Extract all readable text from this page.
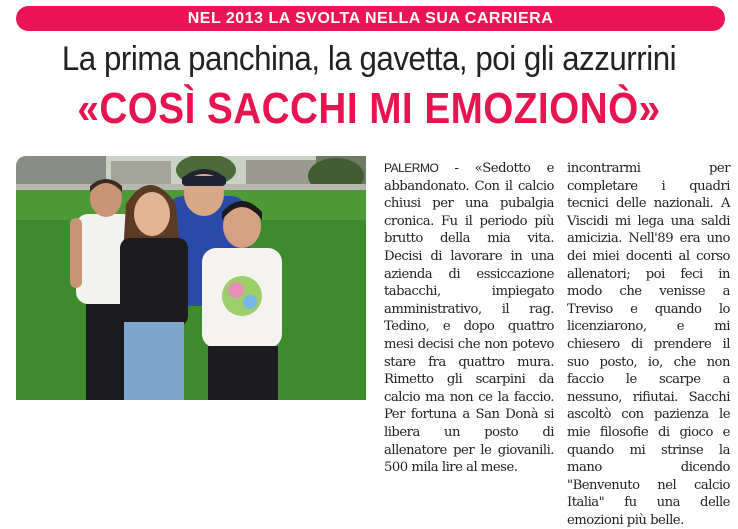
NEL 2013 LA SVOLTA NELLA SUA CARRIERA
La prima panchina, la gavetta, poi gli azzurrini
«COSÌ SACCHI MI EMOZIONÒ»

PALERMO - «Sedotto e abbandonato. Con il calcio chiusi per una pubalgia cronica. Fu il periodo più brutto della mia vita. Decisi di lavorare in una azienda di essiccazione tabacchi, impiegato amministrativo, il rag. Tedino, e dopo quattro mesi decisi che non potevo stare fra quattro mura. Rimetto gli scarpini da calcio ma non ce la faccio. Per fortuna a San Donà si libera un posto di allenatore per le giovanili. 500 mila lire al mese.

incontrarmi per completare i quadri tecnici delle nazionali. A Viscidi mi lega una saldi amicizia. Nell'89 era uno dei miei docenti al corso allenatori; poi feci in modo che venisse a Treviso e quando lo licenziarono, e mi chiesero di prendere il suo posto, io, che non faccio le scarpe a nessuno, rifiutai. Sacchi ascoltò con pazienza le mie filosofie di gioco e quando mi strinse la mano dicendo "Benvenuto nel calcio Italia" fu una delle emozioni più belle.
